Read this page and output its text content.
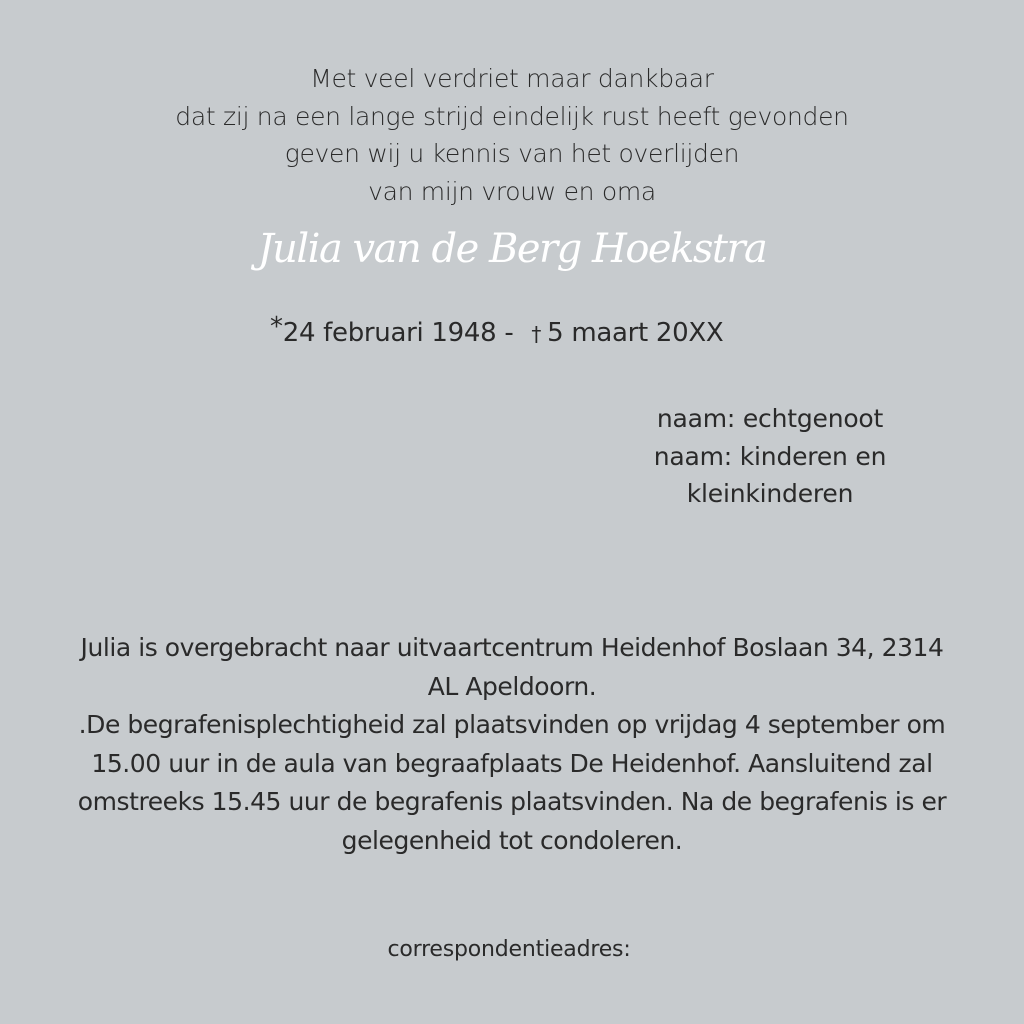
Met veel verdriet maar dankbaar
dat zij na een lange strijd eindelijk rust heeft gevonden
geven wij u kennis van het overlijden
van mijn vrouw en oma
Julia van de Berg Hoekstra
*24 februari 1948 - † 5 maart 20XX
naam: echtgenoot
naam: kinderen en
kleinkinderen
Julia is overgebracht naar uitvaartcentrum Heidenhof Boslaan 34, 2314
AL Apeldoorn.
.De begrafenisplechtigheid zal plaatsvinden op vrijdag 4 september om
15.00 uur in de aula van begraafplaats De Heidenhof. Aansluitend zal
omstreeks 15.45 uur de begrafenis plaatsvinden. Na de begrafenis is er
gelegenheid tot condoleren.
correspondentieadres:
